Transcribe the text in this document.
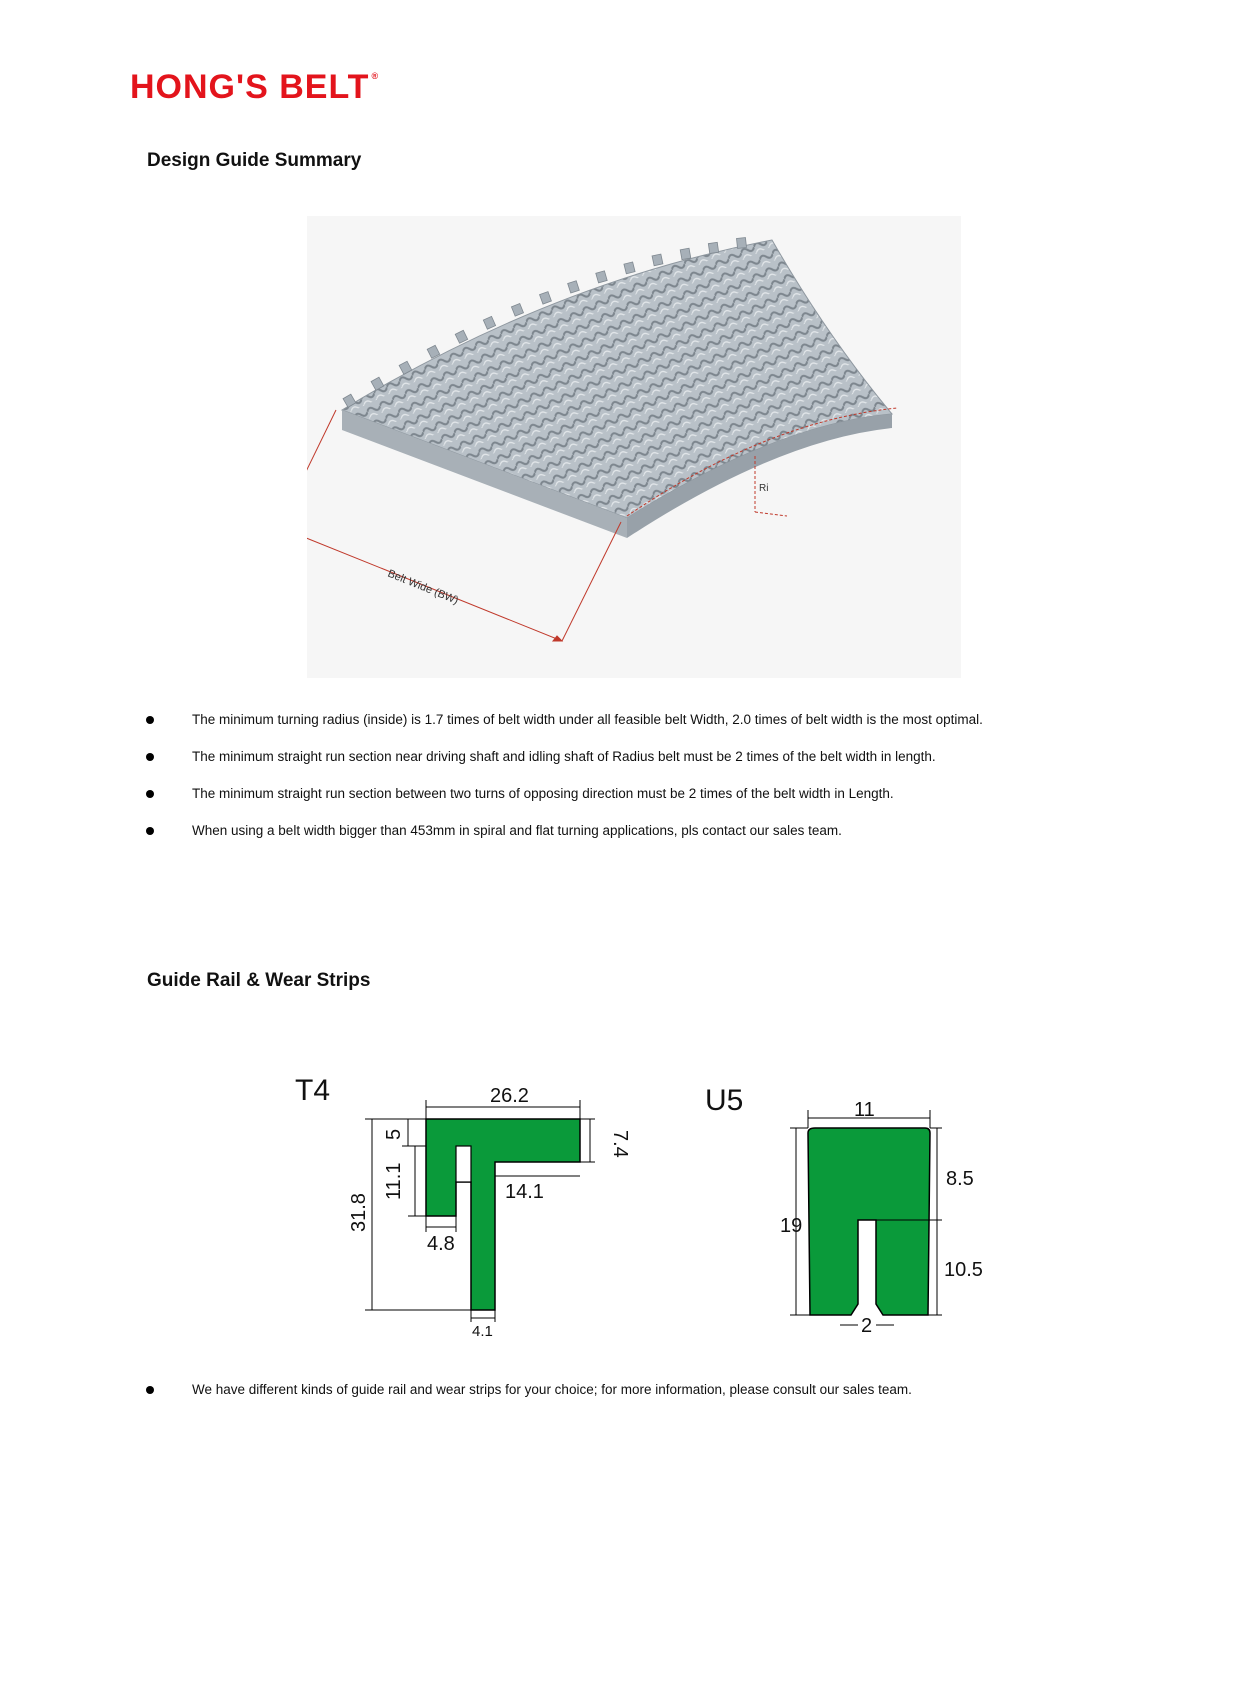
HONG'S BELT ®
Design Guide Summary
Belt Wide (BW)
Ri
The minimum turning radius (inside) is 1.7 times of belt width under all feasible belt Width, 2.0 times of belt width is the most optimal.
The minimum straight run section near driving shaft and idling shaft of Radius belt must be 2 times of the belt width in length.
The minimum straight run section between two turns of opposing direction must be 2 times of the belt width in Length.
When using a belt width bigger than 453mm in spiral and flat turning applications, pls contact our sales team.
Guide Rail & Wear Strips
T4	26.2
7.4
5
11.1	14.1
4.8
31.8
4.1
U5	11
19
8.5
10.5
2
We have different kinds of guide rail and wear strips for your choice; for more information, please consult our sales team.
